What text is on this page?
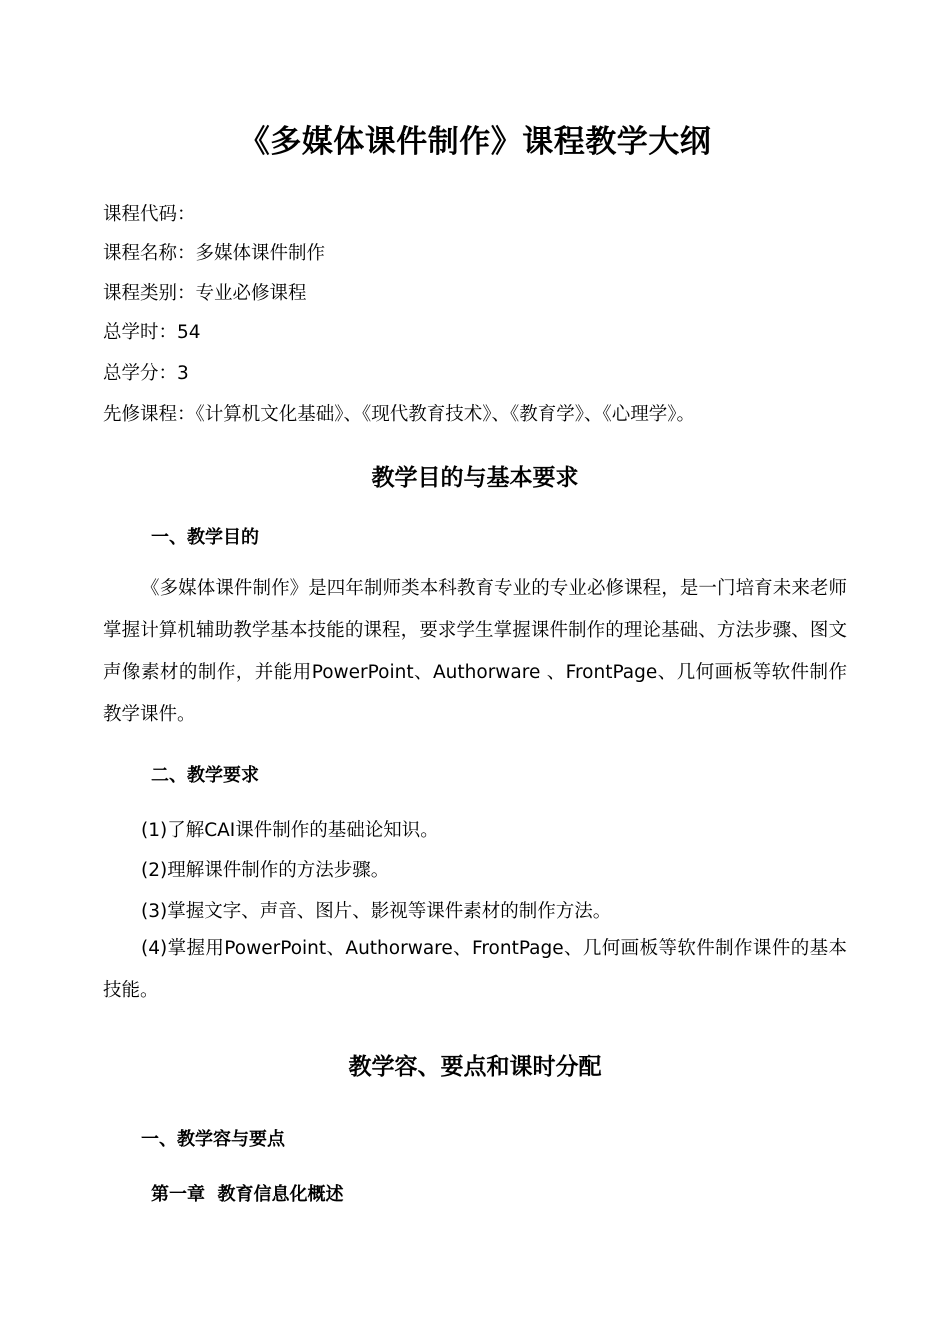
《多媒体课件制作》课程教学大纲
课程代码：
课程名称：多媒体课件制作
课程类别：专业必修课程
总学时：54
总学分：3
先修课程：《计算机文化基础》、《现代教育技术》、《教育学》、《心理学》。
教学目的与基本要求
一、教学目的
《多媒体课件制作》是四年制师类本科教育专业的专业必修课程，是一门培育未来老师掌握计算机辅助教学基本技能的课程，要求学生掌握课件制作的理论基础、方法步骤、图文声像素材的制作，并能用PowerPoint、Authorware 、FrontPage、几何画板等软件制作教学课件。
二、教学要求
(1)了解CAI课件制作的基础论知识。
(2)理解课件制作的方法步骤。
(3)掌握文字、声音、图片、影视等课件素材的制作方法。
(4)掌握用PowerPoint、Authorware、FrontPage、几何画板等软件制作课件的基本技能。
教学容、要点和课时分配
一、教学容与要点
第一章  教育信息化概述
